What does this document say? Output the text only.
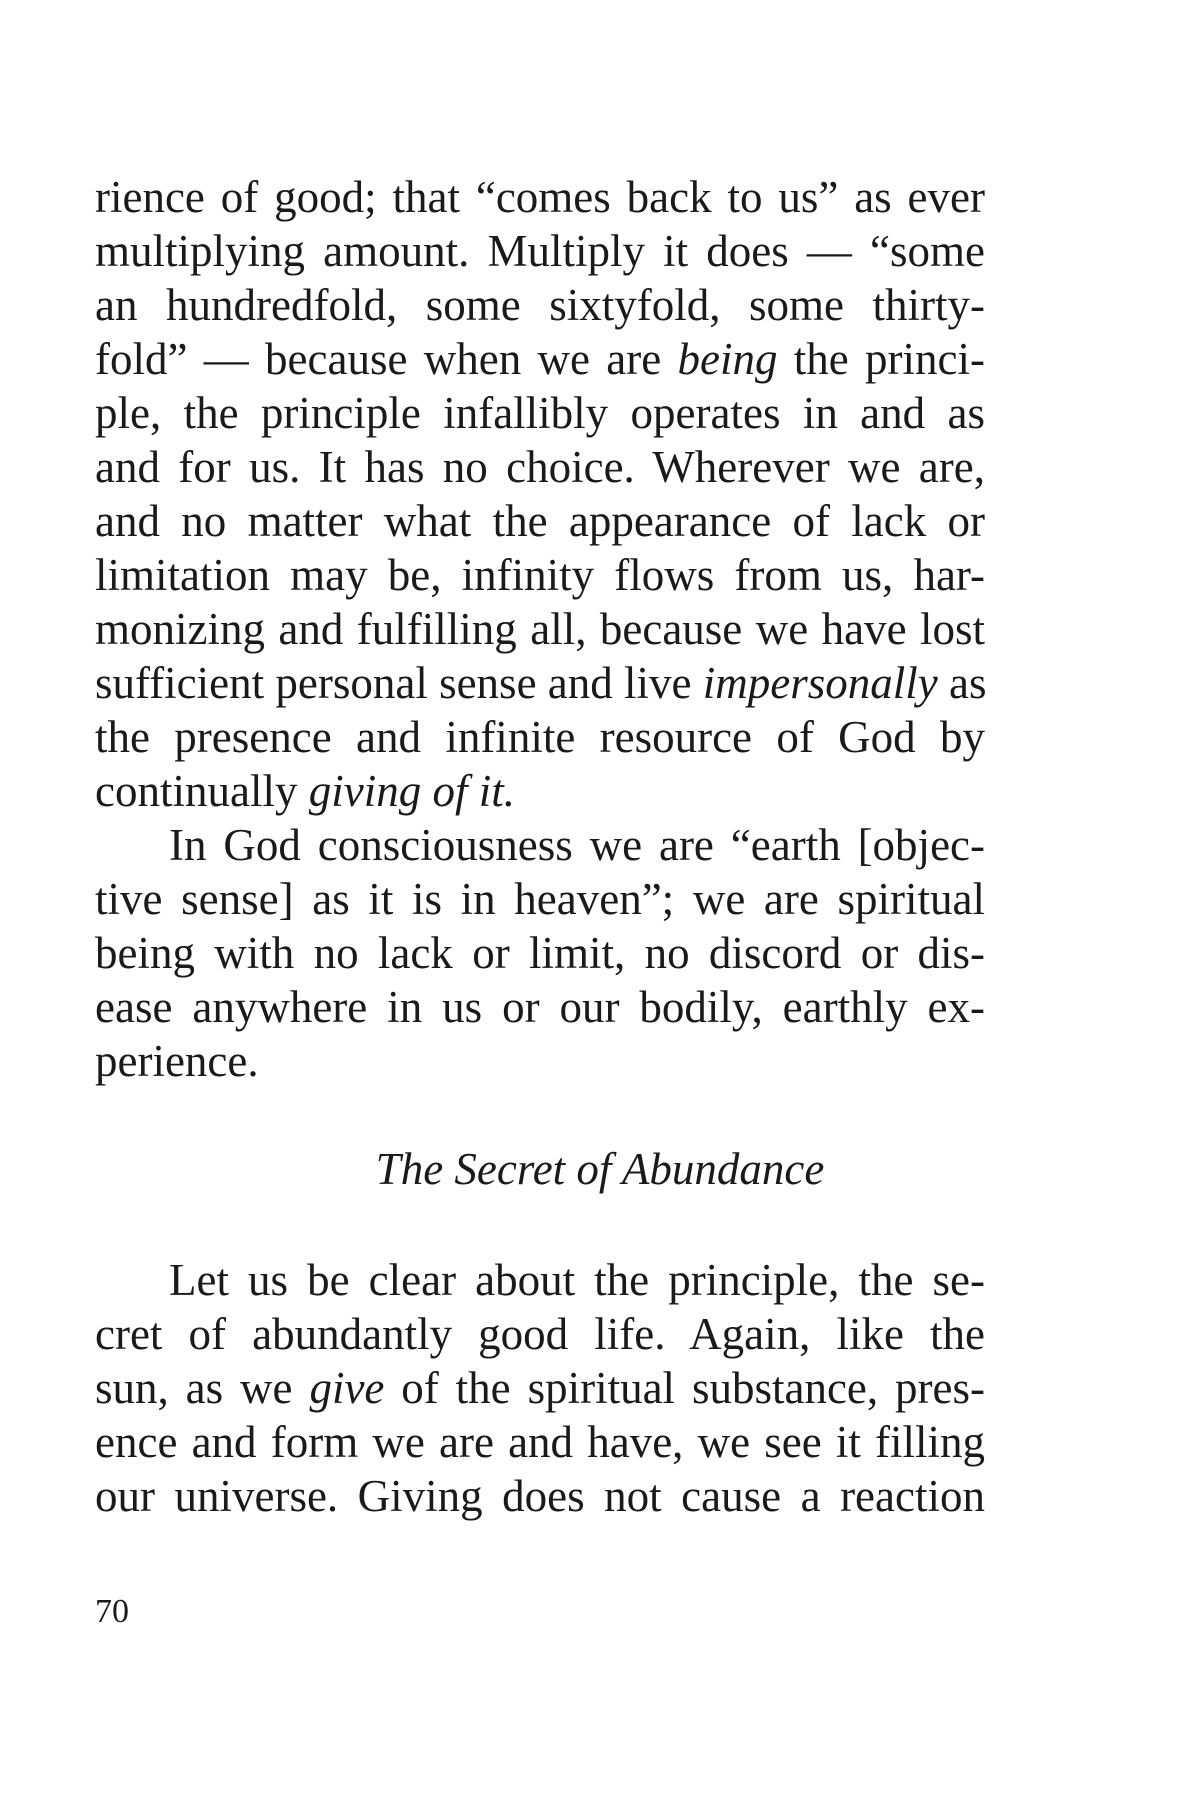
rience of good; that “comes back to us” as ever
multiplying amount. Multiply it does — “some
an hundredfold, some sixtyfold, some thirty-
fold” — because when we are being the princi-
ple, the principle infallibly operates in and as
and for us. It has no choice. Wherever we are,
and no matter what the appearance of lack or
limitation may be, infinity flows from us, har-
monizing and fulfilling all, because we have lost
sufficient personal sense and live impersonally as
the presence and infinite resource of God by
continually giving of it.
In God consciousness we are “earth [objec-
tive sense] as it is in heaven”; we are spiritual
being with no lack or limit, no discord or dis-
ease anywhere in us or our bodily, earthly ex-
perience.
The Secret of Abundance
Let us be clear about the principle, the se-
cret of abundantly good life. Again, like the
sun, as we give of the spiritual substance, pres-
ence and form we are and have, we see it filling
our universe. Giving does not cause a reaction
70
